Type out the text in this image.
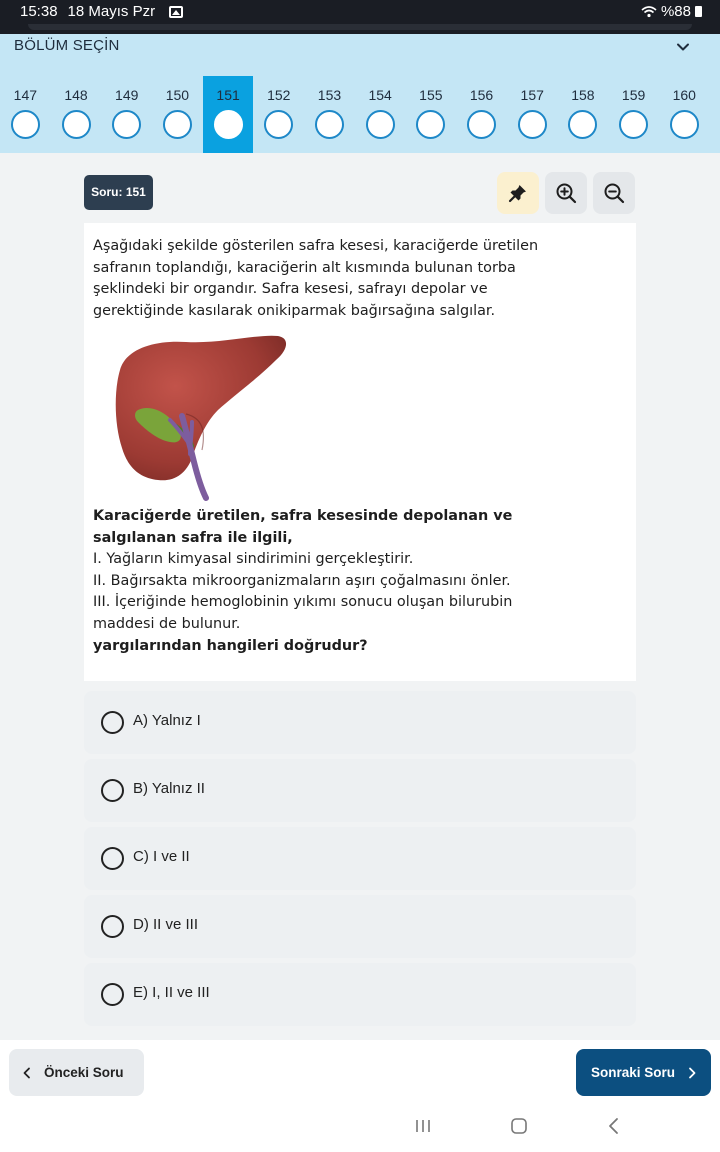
15:38 18 Mayıs Pzr	%88
BÖLÜM SEÇİN
147	148	149	150	151	152	153	154	155	156	157	158	159	160
Soru: 151
Aşağıdaki şekilde gösterilen safra kesesi, karaciğerde üretilen
safranın toplandığı, karaciğerin alt kısmında bulunan torba
şeklindeki bir organdır. Safra kesesi, safrayı depolar ve
gerektiğinde kasılarak onikiparmak bağırsağına salgılar.
Karaciğerde üretilen, safra kesesinde depolanan ve
salgılanan safra ile ilgili,
I. Yağların kimyasal sindirimini gerçekleştirir.
II. Bağırsakta mikroorganizmaların aşırı çoğalmasını önler.
III. İçeriğinde hemoglobinin yıkımı sonucu oluşan bilurubin
maddesi de bulunur.
yargılarından hangileri doğrudur?
A) Yalnız I
B) Yalnız II
C) I ve II
D) II ve III
E) I, II ve III
Önceki Soru	Sonraki Soru
